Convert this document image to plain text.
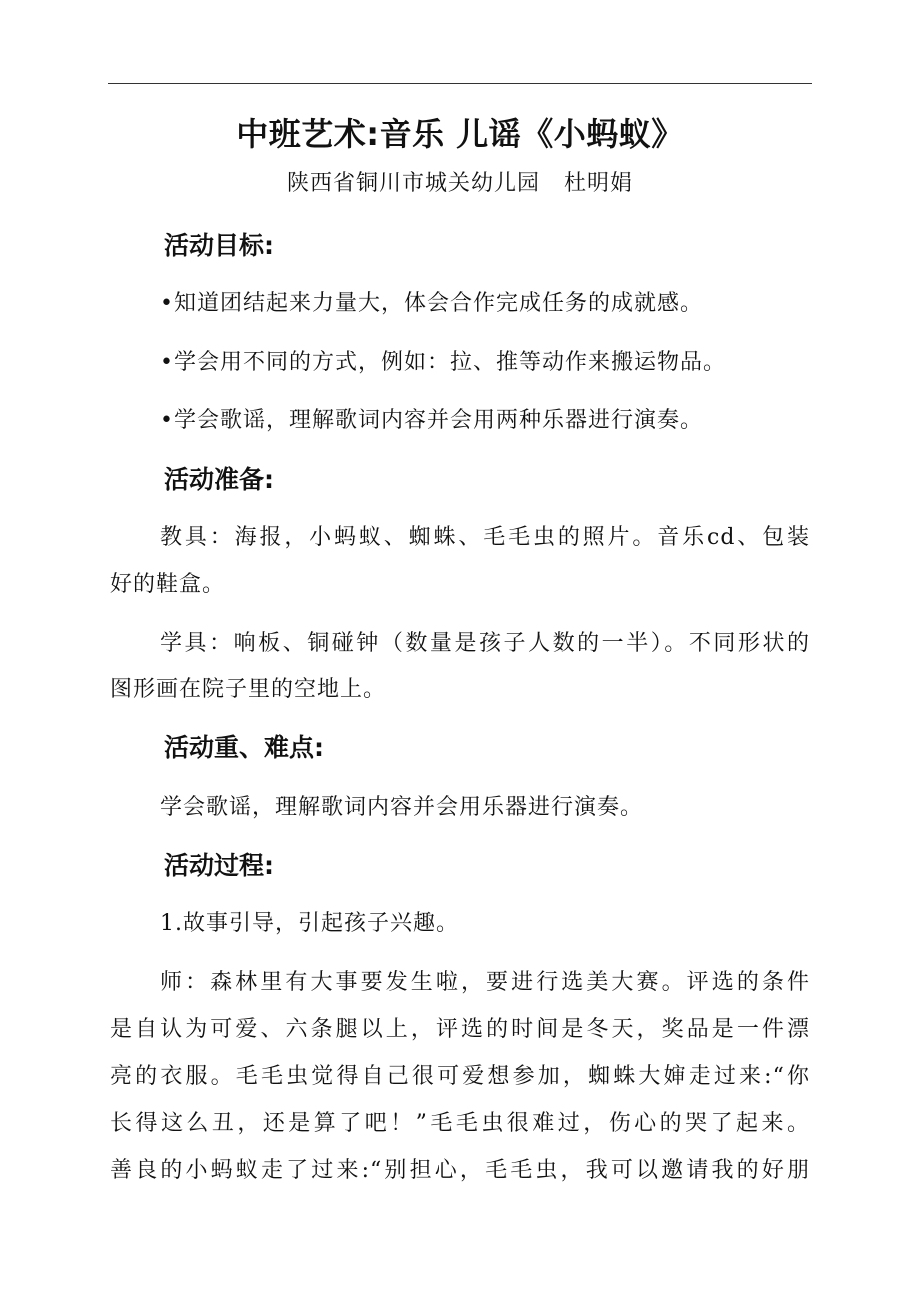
中班艺术:音乐 儿谣《小蚂蚁》
陕西省铜川市城关幼儿园   杜明娟
活动目标:
•知道团结起来力量大，体会合作完成任务的成就感。
•学会用不同的方式，例如：拉、推等动作来搬运物品。
•学会歌谣，理解歌词内容并会用两种乐器进行演奏。
活动准备:
教具：海报，小蚂蚁、蜘蛛、毛毛虫的照片。音乐cd、包装
好的鞋盒。
学具：响板、铜碰钟（数量是孩子人数的一半）。不同形状的
图形画在院子里的空地上。
活动重、难点:
学会歌谣，理解歌词内容并会用乐器进行演奏。
活动过程:
1.故事引导，引起孩子兴趣。
师：森林里有大事要发生啦，要进行选美大赛。评选的条件
是自认为可爱、六条腿以上，评选的时间是冬天，奖品是一件漂
亮的衣服。毛毛虫觉得自己很可爱想参加，蜘蛛大婶走过来:“你
长得这么丑，还是算了吧！”毛毛虫很难过，伤心的哭了起来。
善良的小蚂蚁走了过来:“别担心，毛毛虫，我可以邀请我的好朋
